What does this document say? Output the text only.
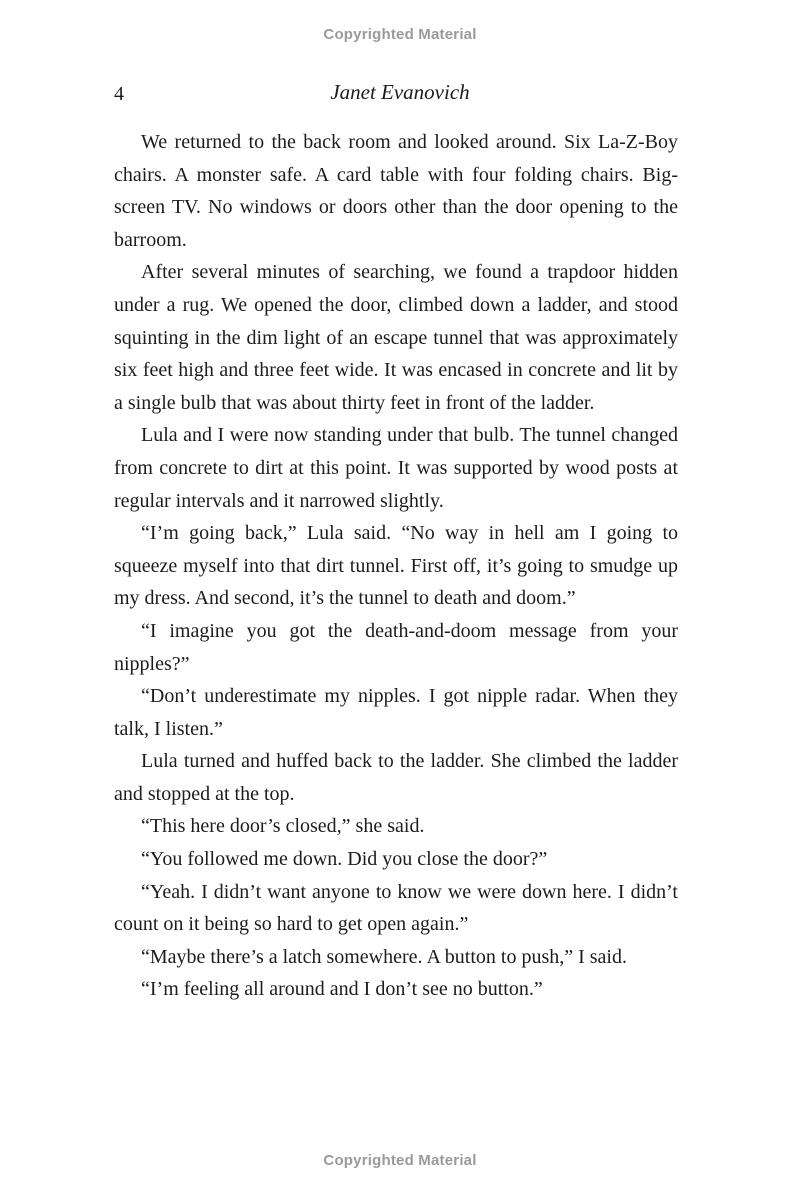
Copyrighted Material
4	Janet Evanovich

We returned to the back room and looked around. Six La-Z-Boy chairs. A monster safe. A card table with four folding chairs. Big-screen TV. No windows or doors other than the door opening to the barroom.

After several minutes of searching, we found a trapdoor hidden under a rug. We opened the door, climbed down a ladder, and stood squinting in the dim light of an escape tunnel that was approximately six feet high and three feet wide. It was encased in concrete and lit by a single bulb that was about thirty feet in front of the ladder.

Lula and I were now standing under that bulb. The tunnel changed from concrete to dirt at this point. It was supported by wood posts at regular intervals and it narrowed slightly.

“I’m going back,” Lula said. “No way in hell am I going to squeeze myself into that dirt tunnel. First off, it’s going to smudge up my dress. And second, it’s the tunnel to death and doom.”

“I imagine you got the death-and-doom message from your nipples?”

“Don’t underestimate my nipples. I got nipple radar. When they talk, I listen.”

Lula turned and huffed back to the ladder. She climbed the ladder and stopped at the top.

“This here door’s closed,” she said.

“You followed me down. Did you close the door?”

“Yeah. I didn’t want anyone to know we were down here. I didn’t count on it being so hard to get open again.”

“Maybe there’s a latch somewhere. A button to push,” I said.

“I’m feeling all around and I don’t see no button.”

Copyrighted Material
